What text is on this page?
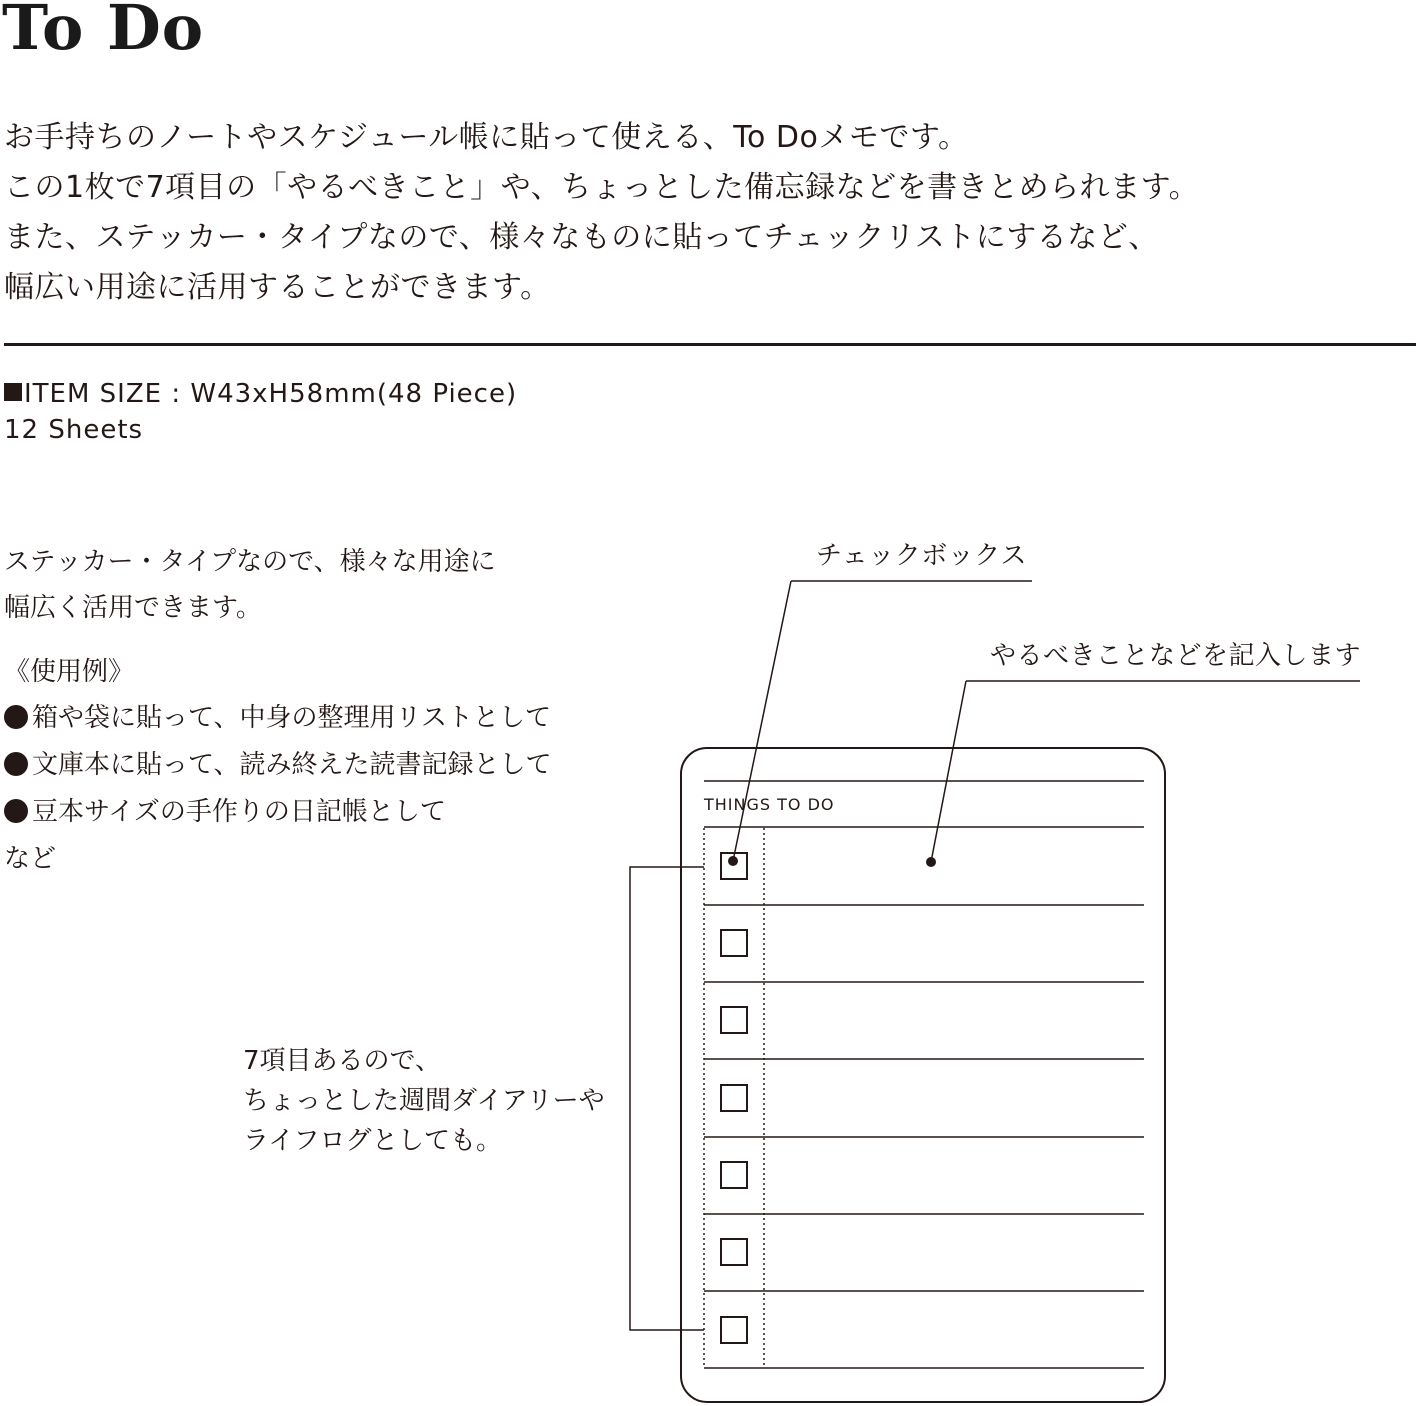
To Do
お手持ちのノートやスケジュール帳に貼って使える、To Doメモです。
この1枚で7項目の「やるべきこと」や、ちょっとした備忘録などを書きとめられます。
また、ステッカー・タイプなので、様々なものに貼ってチェックリストにするなど、
幅広い用途に活用することができます。
ITEM SIZE : W43xH58mm(48 Piece)
12 Sheets
ステッカー・タイプなので、様々な用途に
幅広く活用できます。
《使用例》
箱や袋に貼って、中身の整理用リストとして
文庫本に貼って、読み終えた読書記録として
豆本サイズの手作りの日記帳として
など
7項目あるので、
ちょっとした週間ダイアリーや
ライフログとしても。
チェックボックス
やるべきことなどを記入します
THINGS TO DO
